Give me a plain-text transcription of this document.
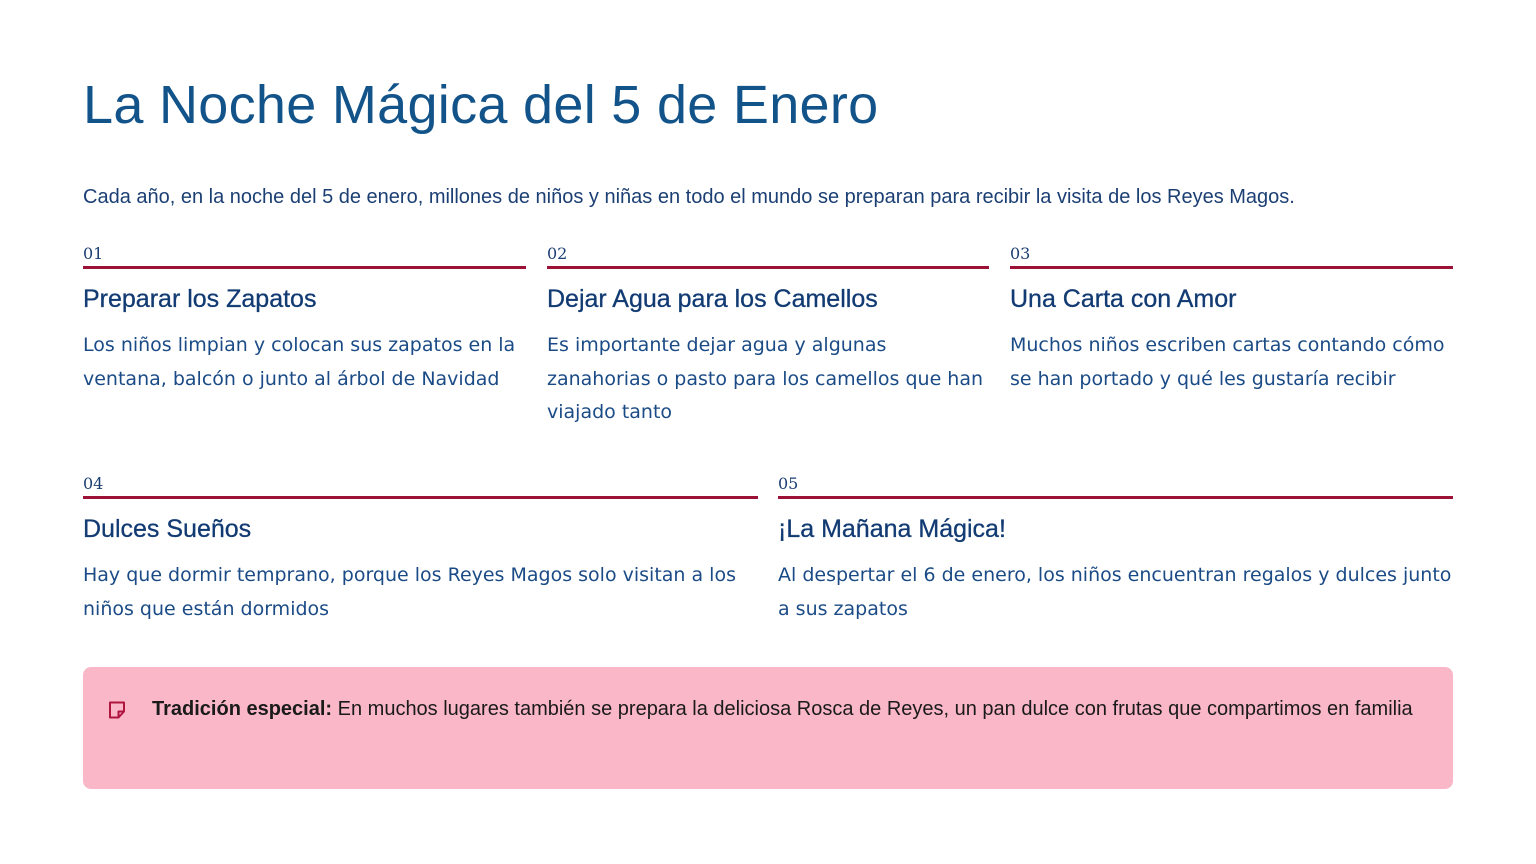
La Noche Mágica del 5 de Enero

Cada año, en la noche del 5 de enero, millones de niños y niñas en todo el mundo se preparan para recibir la visita de los Reyes Magos.

01
Preparar los Zapatos

Los niños limpian y colocan sus zapatos en la ventana, balcón o junto al árbol de Navidad

02
Dejar Agua para los Camellos

Es importante dejar agua y algunas zanahorias o pasto para los camellos que han viajado tanto

03
Una Carta con Amor

Muchos niños escriben cartas contando cómo se han portado y qué les gustaría recibir

04
Dulces Sueños

Hay que dormir temprano, porque los Reyes Magos solo visitan a los niños que están dormidos

05
¡La Mañana Mágica!

Al despertar el 6 de enero, los niños encuentran regalos y dulces junto a sus zapatos

Tradición especial: En muchos lugares también se prepara la deliciosa Rosca de Reyes, un pan dulce con frutas que compartimos en familia
